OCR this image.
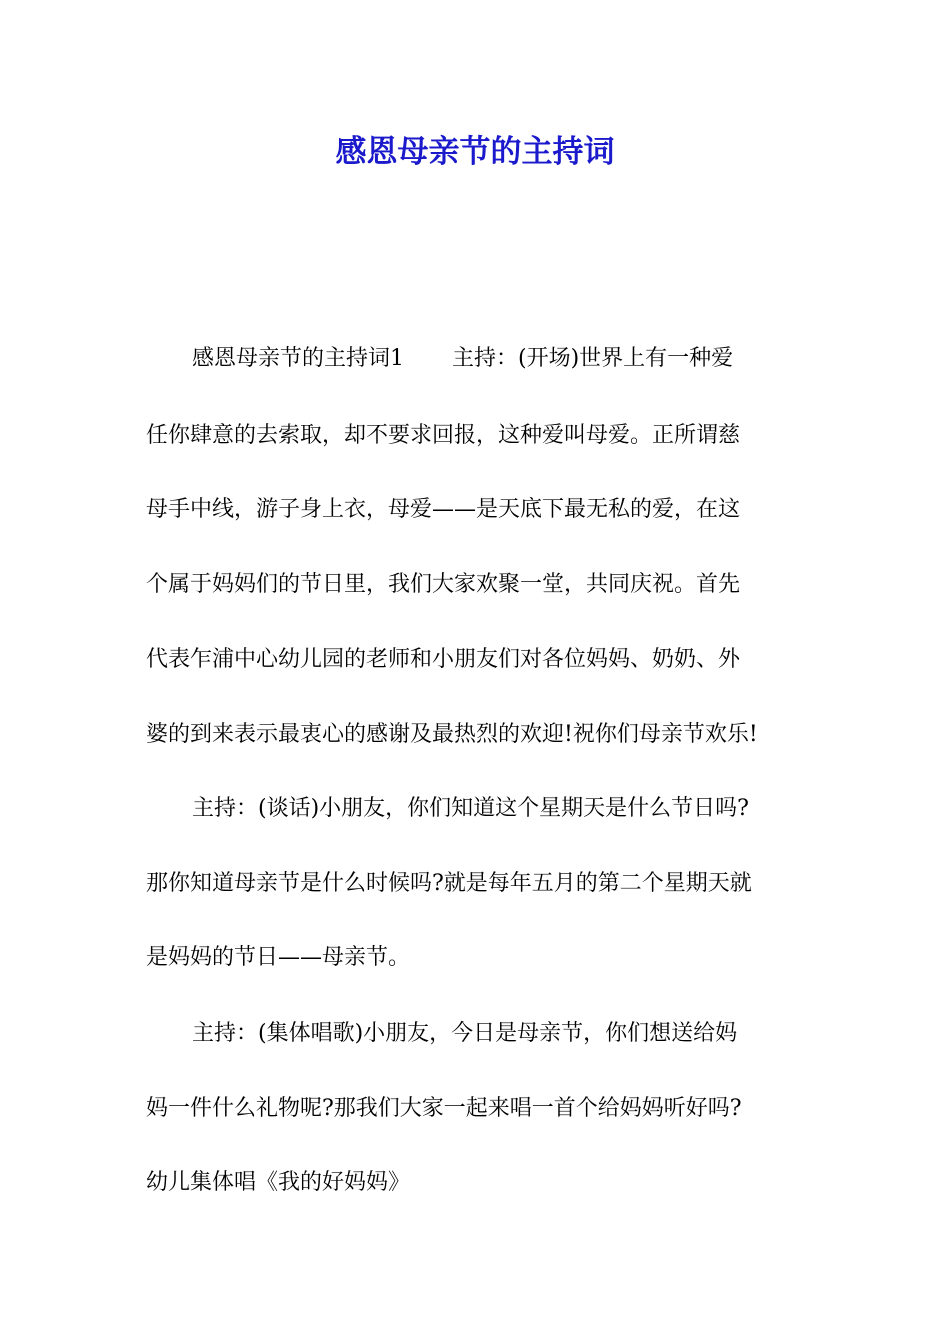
感恩母亲节的主持词

感恩母亲节的主持词1 主持：(开场)世界上有一种爱

任你肆意的去索取，却不要求回报，这种爱叫母爱。正所谓慈

母手中线，游子身上衣，母爱——是天底下最无私的爱，在这

个属于妈妈们的节日里，我们大家欢聚一堂，共同庆祝。首先

代表乍浦中心幼儿园的老师和小朋友们对各位妈妈、奶奶、外

婆的到来表示最衷心的感谢及最热烈的欢迎!祝你们母亲节欢乐!

主持：(谈话)小朋友，你们知道这个星期天是什么节日吗?

那你知道母亲节是什么时候吗?就是每年五月的第二个星期天就

是妈妈的节日——母亲节。

主持：(集体唱歌)小朋友，今日是母亲节，你们想送给妈

妈一件什么礼物呢?那我们大家一起来唱一首个给妈妈听好吗?

幼儿集体唱《我的好妈妈》
